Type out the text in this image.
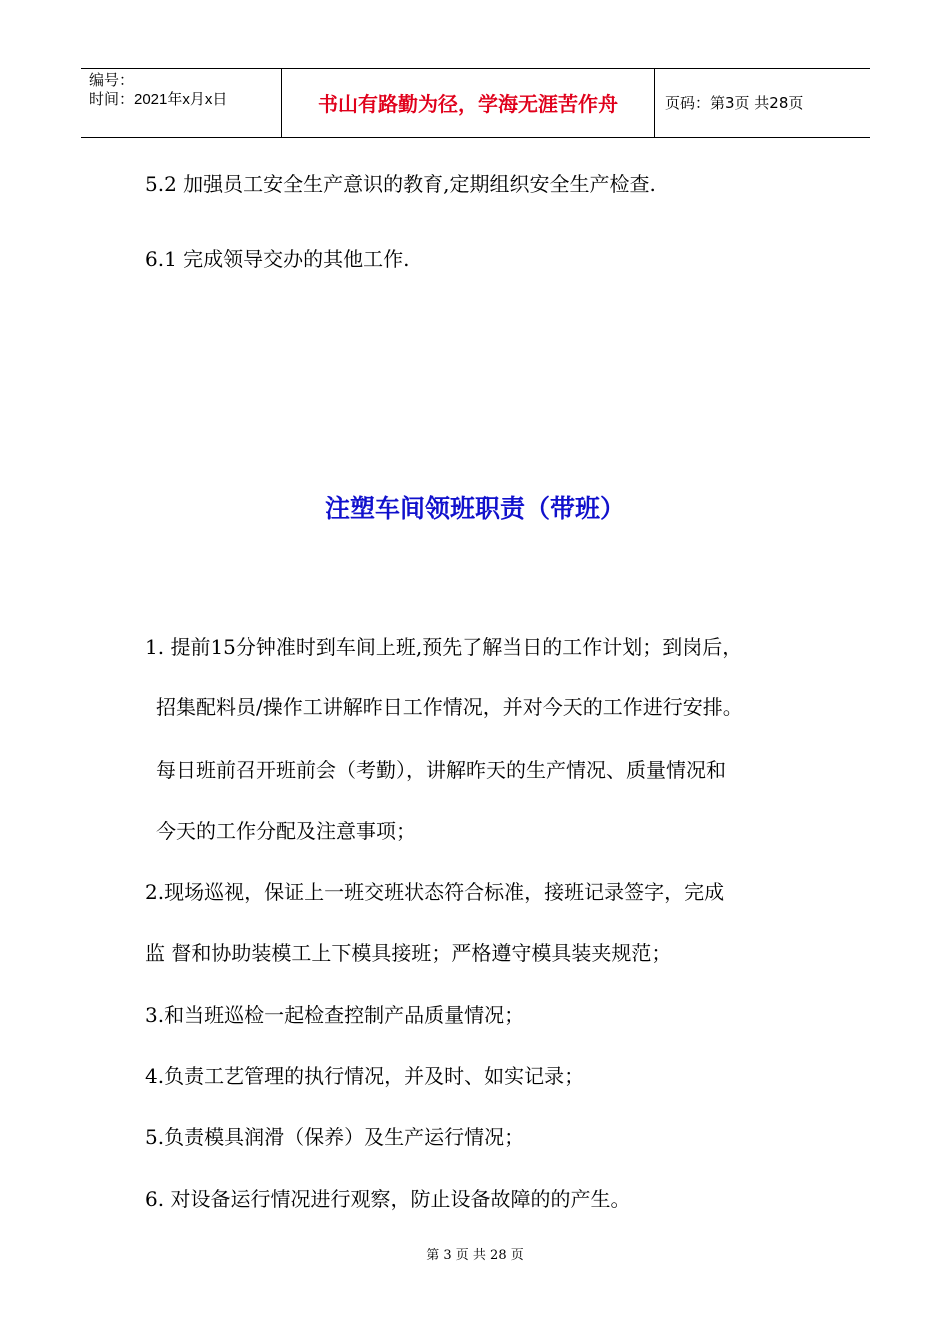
编号：
时间：2021年x月x日	书山有路勤为径，学海无涯苦作舟	页码：第3页 共28页
5.2 加强员工安全生产意识的教育,定期组织安全生产检查.
6.1 完成领导交办的其他工作.
注塑车间领班职责（带班）
1. 提前15分钟准时到车间上班,预先了解当日的工作计划；到岗后，
招集配料员/操作工讲解昨日工作情况，并对今天的工作进行安排。
每日班前召开班前会（考勤），讲解昨天的生产情况、质量情况和
今天的工作分配及注意事项；
2.现场巡视，保证上一班交班状态符合标准，接班记录签字，完成
监 督和协助装模工上下模具接班；严格遵守模具装夹规范；
3.和当班巡检一起检查控制产品质量情况；
4.负责工艺管理的执行情况，并及时、如实记录；
5.负责模具润滑（保养）及生产运行情况；
6. 对设备运行情况进行观察，防止设备故障的的产生。
第 3 页 共 28 页
